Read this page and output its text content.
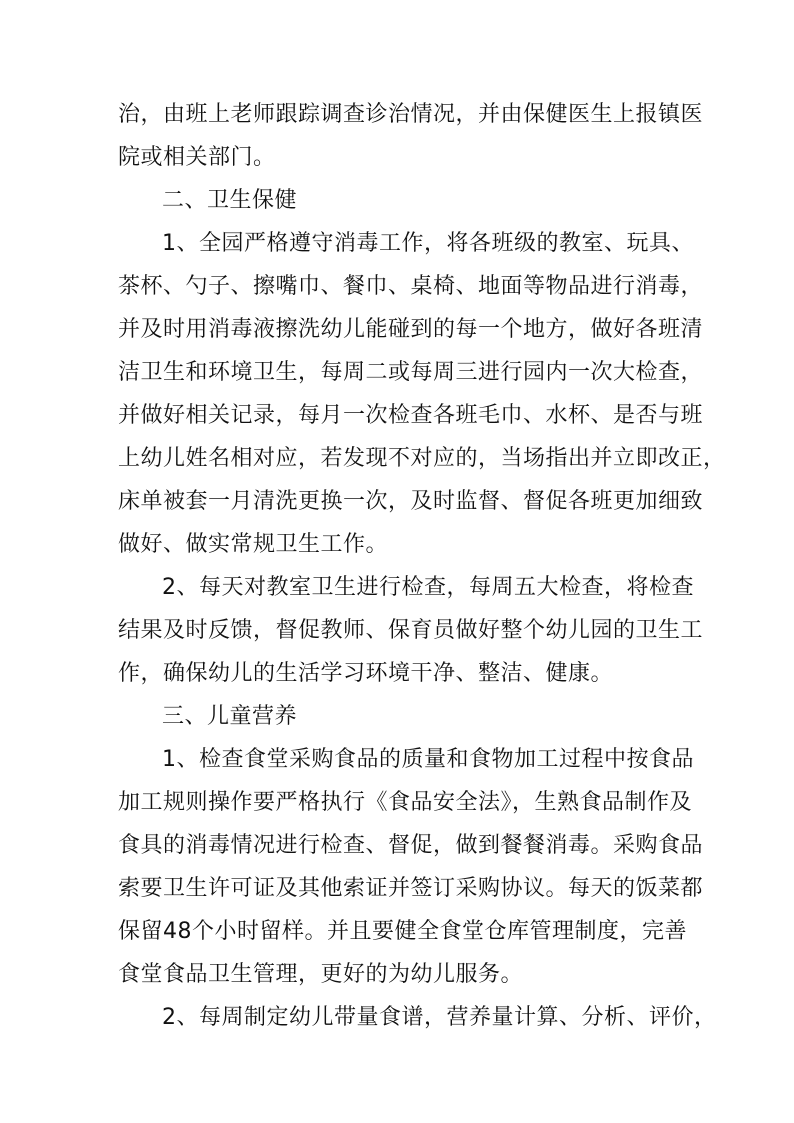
治，由班上老师跟踪调查诊治情况，并由保健医生上报镇医
院或相关部门。
二、卫生保健
1、全园严格遵守消毒工作，将各班级的教室、玩具、
茶杯、勺子、擦嘴巾、餐巾、桌椅、地面等物品进行消毒，
并及时用消毒液擦洗幼儿能碰到的每一个地方，做好各班清
洁卫生和环境卫生，每周二或每周三进行园内一次大检查，
并做好相关记录，每月一次检查各班毛巾、水杯、是否与班
上幼儿姓名相对应，若发现不对应的，当场指出并立即改正，
床单被套一月清洗更换一次，及时监督、督促各班更加细致
做好、做实常规卫生工作。
2、每天对教室卫生进行检查，每周五大检查，将检查
结果及时反馈，督促教师、保育员做好整个幼儿园的卫生工
作，确保幼儿的生活学习环境干净、整洁、健康。
三、儿童营养
1、检查食堂采购食品的质量和食物加工过程中按食品
加工规则操作要严格执行《食品安全法》，生熟食品制作及
食具的消毒情况进行检查、督促，做到餐餐消毒。采购食品
索要卫生许可证及其他索证并签订采购协议。每天的饭菜都
保留48个小时留样。并且要健全食堂仓库管理制度，完善
食堂食品卫生管理，更好的为幼儿服务。
2、每周制定幼儿带量食谱，营养量计算、分析、评价，
